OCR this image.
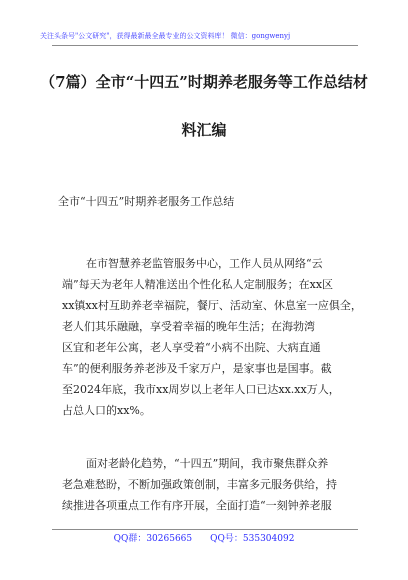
关注头条号"公文研究"，获得最新最全最专业的公文资料库！ 微信：gongwenyj
（7篇）全市“十四五”时期养老服务等工作总结材
料汇编
全市“十四五”时期养老服务工作总结
在市智慧养老监管服务中心，工作人员从网络“云
端”每天为老年人精准送出个性化私人定制服务；在xx区
xx镇xx村互助养老幸福院，餐厅、活动室、休息室一应俱全，
老人们其乐融融，享受着幸福的晚年生活；在海勃湾
区宜和老年公寓，老人享受着“小病不出院、大病直通
车”的便利服务养老涉及千家万户，是家事也是国事。截
至2024年底，我市xx周岁以上老年人口已达xx.xx万人，
占总人口的xx%。
面对老龄化趋势，“十四五”期间，我市聚焦群众养
老急难愁盼，不断加强政策创制，丰富多元服务供给，持
续推进各项重点工作有序开展，全面打造“一刻钟养老服
QQ群：30265665 QQ号：535304092
